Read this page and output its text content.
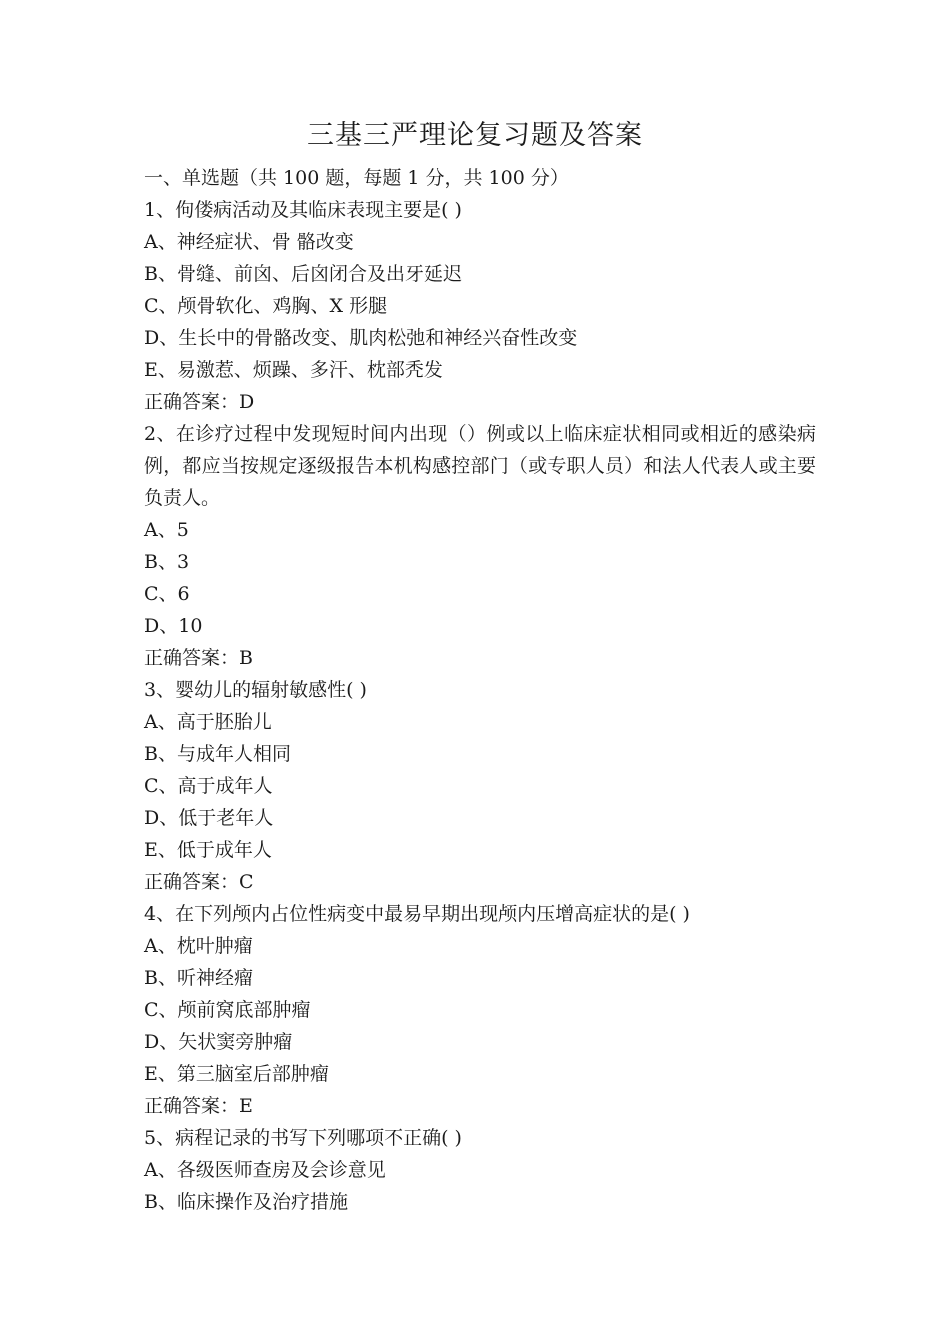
三基三严理论复习题及答案
一、单选题（共 100 题，每题 1 分，共 100 分）
1、佝偻病活动及其临床表现主要是( )
A、神经症状、骨 骼改变
B、骨缝、前囟、后囟闭合及出牙延迟
C、颅骨软化、鸡胸、X 形腿
D、生长中的骨骼改变、肌肉松弛和神经兴奋性改变
E、易激惹、烦躁、多汗、枕部秃发
正确答案：D
2、在诊疗过程中发现短时间内出现（）例或以上临床症状相同或相近的感染病例，都应当按规定逐级报告本机构感控部门（或专职人员）和法人代表人或主要负责人。
A、5
B、3
C、6
D、10
正确答案：B
3、婴幼儿的辐射敏感性( )
A、高于胚胎儿
B、与成年人相同
C、高于成年人
D、低于老年人
E、低于成年人
正确答案：C
4、在下列颅内占位性病变中最易早期出现颅内压增高症状的是( )
A、枕叶肿瘤
B、听神经瘤
C、颅前窝底部肿瘤
D、矢状窦旁肿瘤
E、第三脑室后部肿瘤
正确答案：E
5、病程记录的书写下列哪项不正确( )
A、各级医师查房及会诊意见
B、临床操作及治疗措施
